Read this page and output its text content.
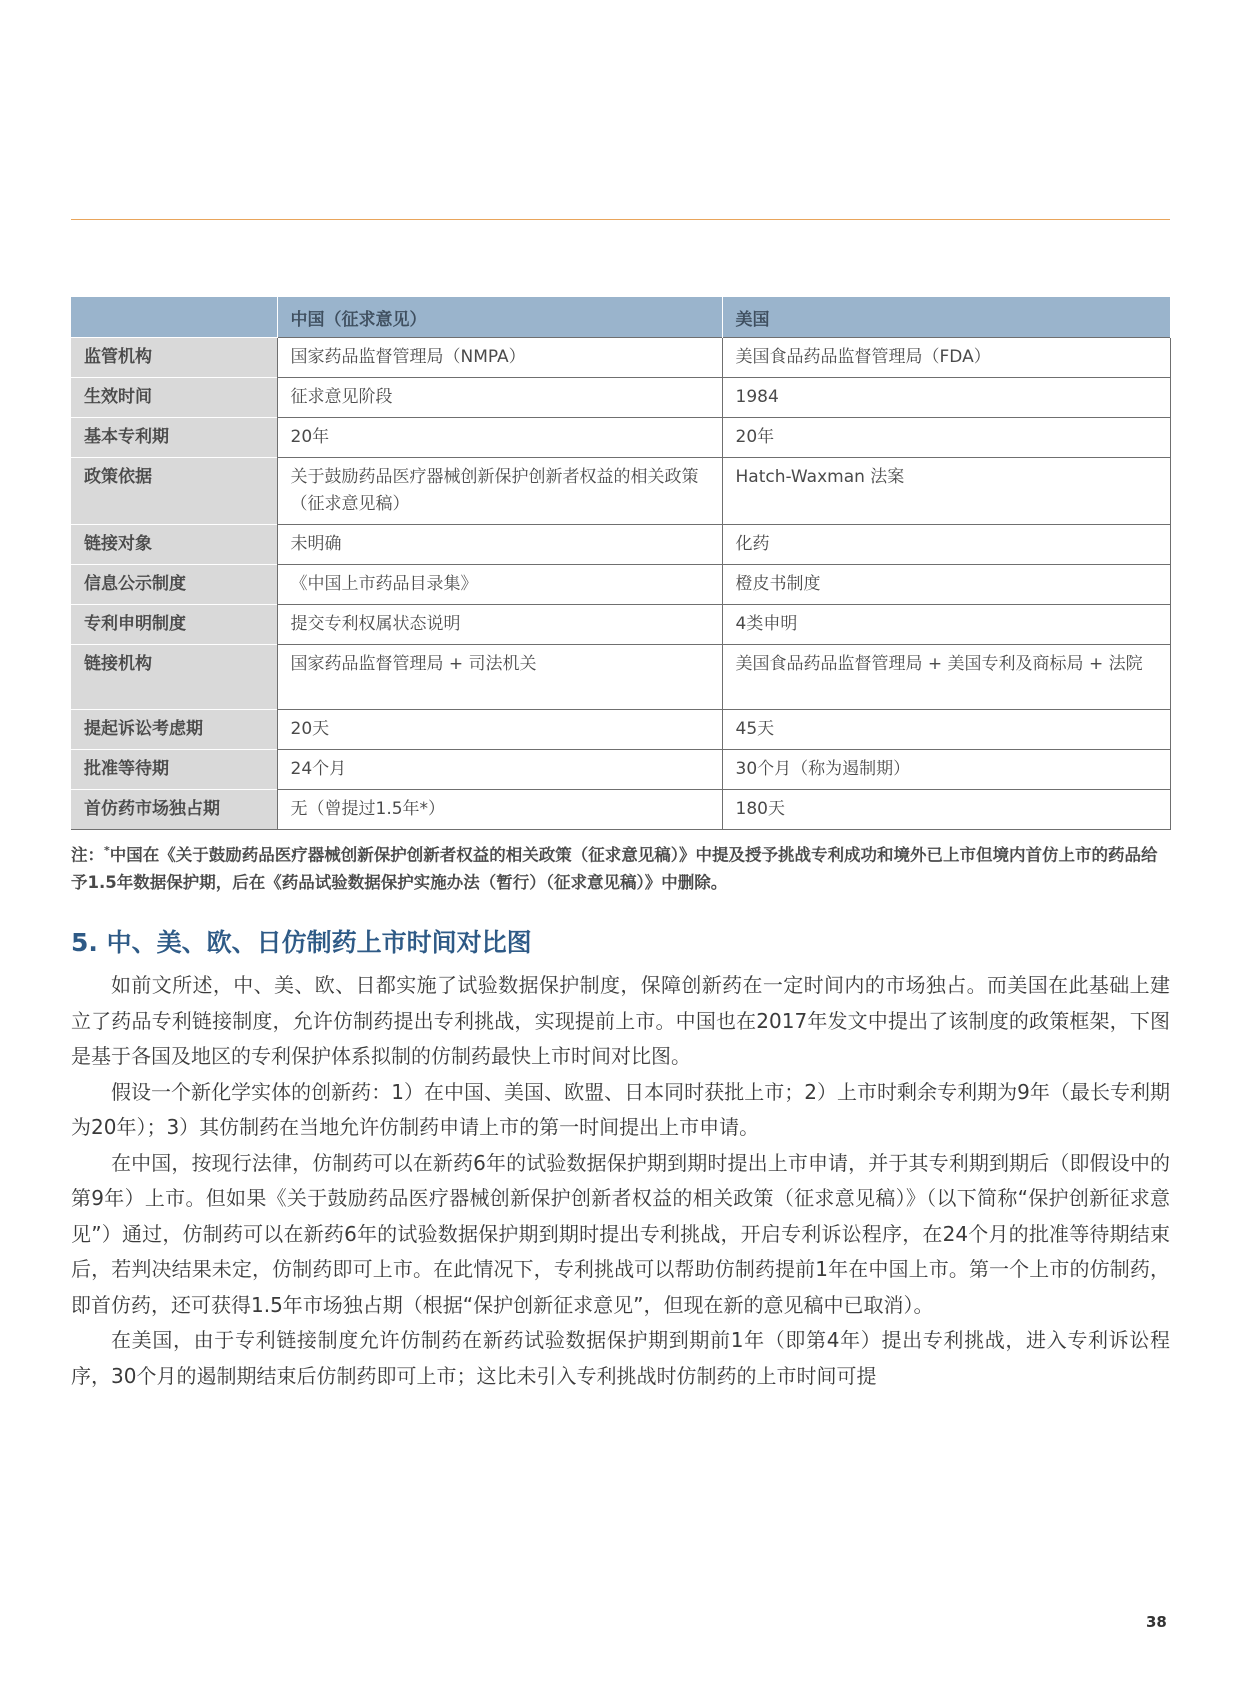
	中国（征求意见）	美国
监管机构	国家药品监督管理局（NMPA）	美国食品药品监督管理局（FDA）
生效时间	征求意见阶段	1984
基本专利期	20年	20年
政策依据	关于鼓励药品医疗器械创新保护创新者权益的相关政策（征求意见稿）	Hatch-Waxman 法案
链接对象	未明确	化药
信息公示制度	《中国上市药品目录集》	橙皮书制度
专利申明制度	提交专利权属状态说明	4类申明
链接机构	国家药品监督管理局 + 司法机关	美国食品药品监督管理局 + 美国专利及商标局 + 法院
提起诉讼考虑期	20天	45天
批准等待期	24个月	30个月（称为遏制期）
首仿药市场独占期	无（曾提过1.5年*）	180天
注：*中国在《关于鼓励药品医疗器械创新保护创新者权益的相关政策（征求意见稿）》中提及授予挑战专利成功和境外已上市但境内首仿上市的药品给予1.5年数据保护期，后在《药品试验数据保护实施办法（暂行）（征求意见稿）》中删除。
5. 中、美、欧、日仿制药上市时间对比图

如前文所述，中、美、欧、日都实施了试验数据保护制度，保障创新药在一定时间内的市场独占。而美国在此基础上建立了药品专利链接制度，允许仿制药提出专利挑战，实现提前上市。中国也在2017年发文中提出了该制度的政策框架，下图是基于各国及地区的专利保护体系拟制的仿制药最快上市时间对比图。

假设一个新化学实体的创新药：1）在中国、美国、欧盟、日本同时获批上市；2）上市时剩余专利期为9年（最长专利期为20年）；3）其仿制药在当地允许仿制药申请上市的第一时间提出上市申请。

在中国，按现行法律，仿制药可以在新药6年的试验数据保护期到期时提出上市申请，并于其专利期到期后（即假设中的第9年）上市。但如果《关于鼓励药品医疗器械创新保护创新者权益的相关政策（征求意见稿）》（以下简称“保护创新征求意见”）通过，仿制药可以在新药6年的试验数据保护期到期时提出专利挑战，开启专利诉讼程序，在24个月的批准等待期结束后，若判决结果未定，仿制药即可上市。在此情况下，专利挑战可以帮助仿制药提前1年在中国上市。第一个上市的仿制药，即首仿药，还可获得1.5年市场独占期（根据“保护创新征求意见”，但现在新的意见稿中已取消）。

在美国，由于专利链接制度允许仿制药在新药试验数据保护期到期前1年（即第4年）提出专利挑战，进入专利诉讼程序，30个月的遏制期结束后仿制药即可上市；这比未引入专利挑战时仿制药的上市时间可提

38
